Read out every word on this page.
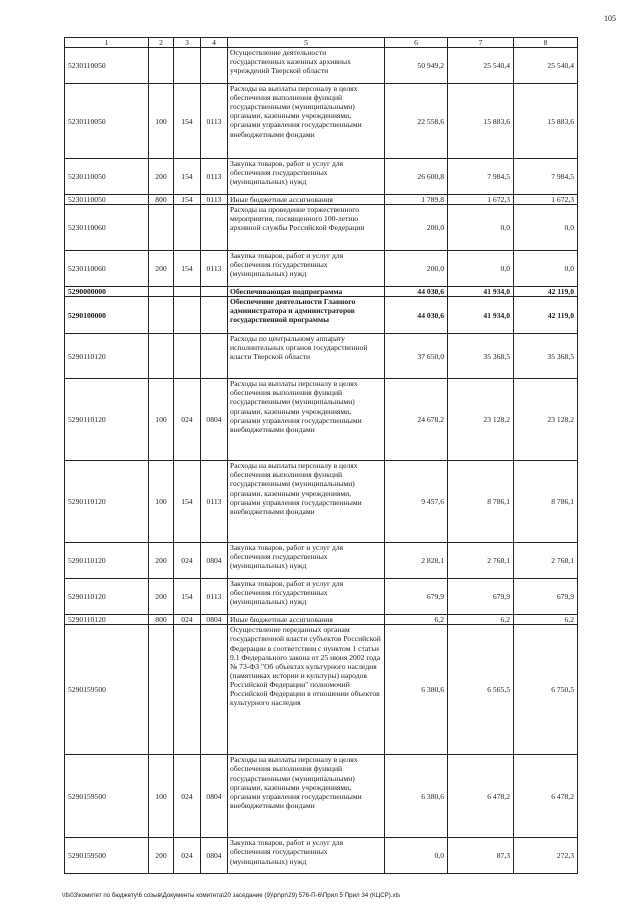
105
1	2	3	4	5	6	7	8
5230110050				Осуществление деятельности государственных казенных архивных учреждений Тверской области	50 949,2	25 540,4	25 540,4
5230110050	100	154	0113	Расходы на выплаты персоналу в целях обеспечения выполнения функций государственными (муниципальными) органами, казенными учреждениями, органами управления государственными внебюджетными фондами	22 558,6	15 883,6	15 883,6
5230110050	200	154	0113	Закупка товаров, работ и услуг для обеспечения государственных (муниципальных) нужд	26 600,8	7 984,5	7 984,5
5230110050	800	154	0113	Иные бюджетные ассигнования	1 789,8	1 672,3	1 672,3
5230110060				Расходы на проведение торжественного мероприятия, посвященного 100-летию архивной службы Российской Федерации	200,0	0,0	0,0
5230110060	200	154	0113	Закупка товаров, работ и услуг для обеспечения государственных (муниципальных) нужд	200,0	0,0	0,0
5290000000				Обеспечивающая подпрограмма	44 030,6	41 934,0	42 119,0
5290100000				Обеспечение деятельности Главного администратора и администраторов государственной программы	44 030,6	41 934,0	42 119,0
5290110120				Расходы по центральному аппарату исполнительных органов государственной власти Тверской области	37 650,0	35 368,5	35 368,5
5290110120	100	024	0804	Расходы на выплаты персоналу в целях обеспечения выполнения функций государственными (муниципальными) органами, казенными учреждениями, органами управления государственными внебюджетными фондами	24 678,2	23 128,2	23 128,2
5290110120	100	154	0113	Расходы на выплаты персоналу в целях обеспечения выполнения функций государственными (муниципальными) органами, казенными учреждениями, органами управления государственными внебюджетными фондами	9 457,6	8 786,1	8 786,1
5290110120	200	024	0804	Закупка товаров, работ и услуг для обеспечения государственных (муниципальных) нужд	2 828,1	2 768,1	2 768,1
5290110120	200	154	0113	Закупка товаров, работ и услуг для обеспечения государственных (муниципальных) нужд	679,9	679,9	679,9
5290110120	800	024	0804	Иные бюджетные ассигнования	6,2	6,2	6,2
5290159500				Осуществление переданных органам государственной власти субъектов Российской Федерации в соответствии с пунктом 1 статьи 9.1 Федерального закона от 25 июня 2002 года № 73-ФЗ "Об объектах культурного наследия (памятниках истории и культуры) народов Российской Федерации" полномочий Российской Федерации в отношении объектов культурного наследия	6 380,6	6 565,5	6 750,5
5290159500	100	024	0804	Расходы на выплаты персоналу в целях обеспечения выполнения функций государственными (муниципальными) органами, казенными учреждениями, органами управления государственными внебюджетными фондами	6 380,6	6 478,2	6 478,2
5290159500	200	024	0804	Закупка товаров, работ и услуг для обеспечения государственных (муниципальных) нужд	0,0	87,3	272,3
\\fs03\комитет по бюджету\6 созыв\Документы комитета\20 заседание (9)\pr\pr\29) 576-П-6\Прил 5 Прил 34 (КЦСР).xls
